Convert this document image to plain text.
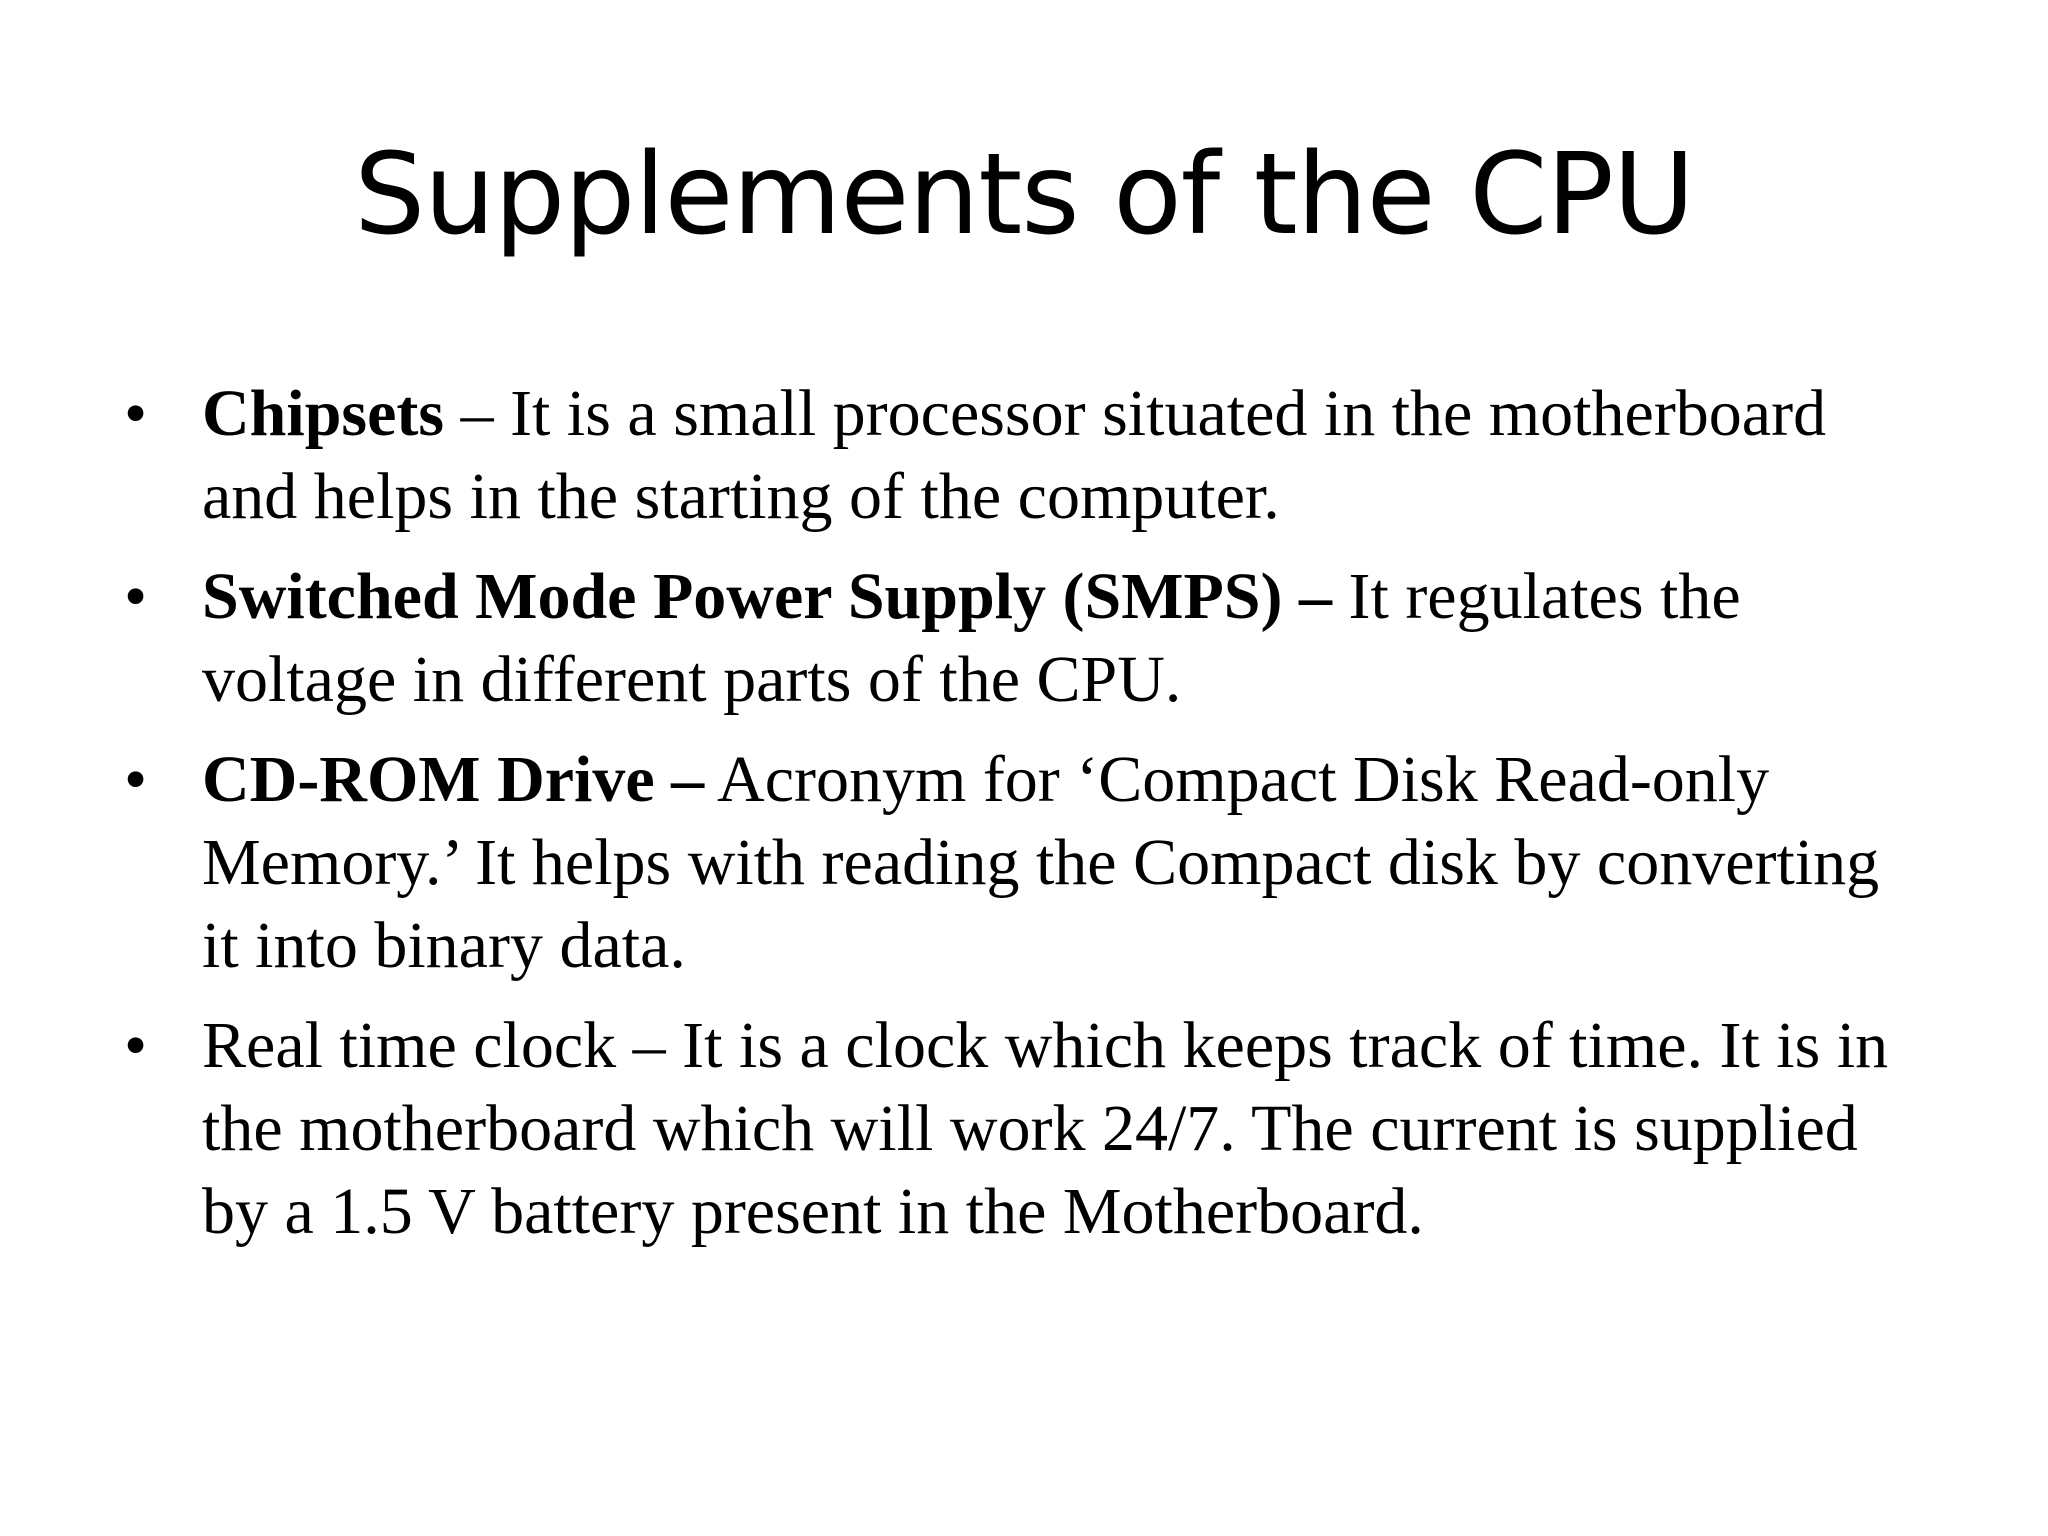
Supplements of the CPU
• Chipsets – It is a small processor situated in the motherboard and helps in the starting of the computer.
• Switched Mode Power Supply (SMPS) – It regulates the voltage in different parts of the CPU.
• CD-ROM Drive – Acronym for ‘Compact Disk Read-only Memory.’ It helps with reading the Compact disk by converting it into binary data.
• Real time clock – It is a clock which keeps track of time. It is in the motherboard which will work 24/7. The current is supplied by a 1.5 V battery present in the Motherboard.
